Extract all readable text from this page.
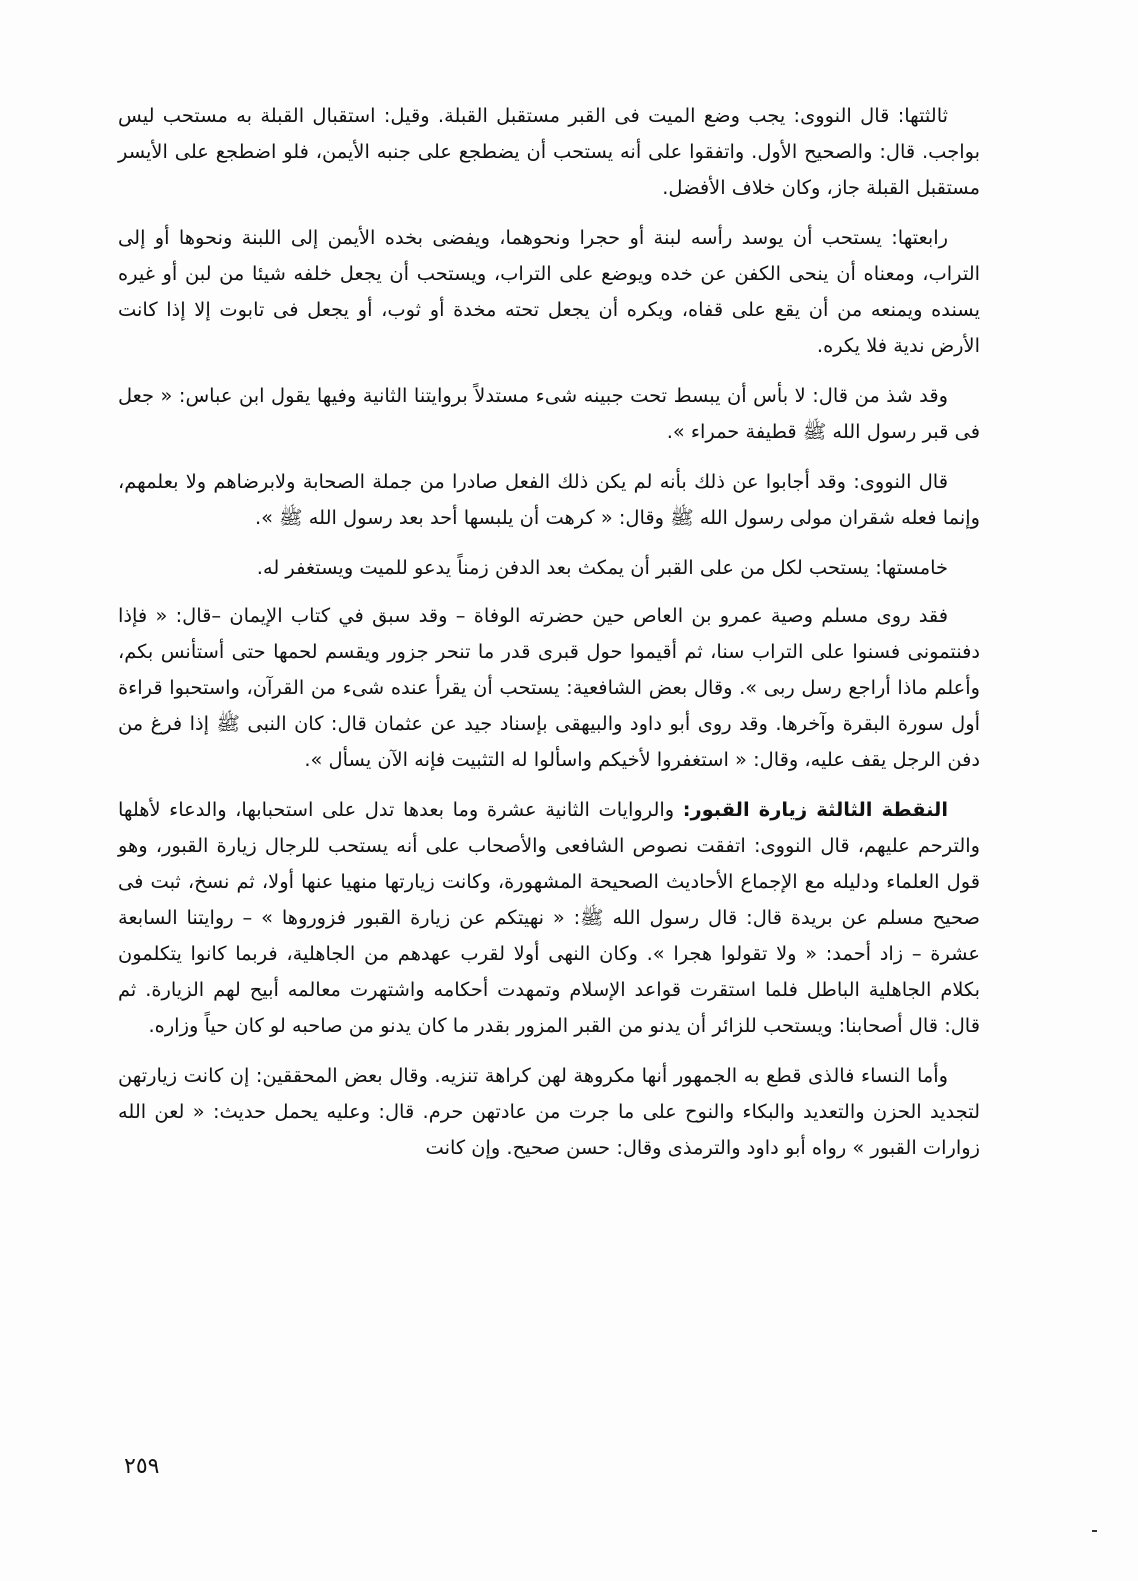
ثالثتها: قال النووى: يجب وضع الميت فى القبر مستقبل القبلة. وقيل: استقبال القبلة به مستحب ليس بواجب. قال: والصحيح الأول. واتفقوا على أنه يستحب أن يضطجع على جنبه الأيمن، فلو اضطجع على الأيسر مستقبل القبلة جاز، وكان خلاف الأفضل.

رابعتها: يستحب أن يوسد رأسه لبنة أو حجرا ونحوهما، ويفضى بخده الأيمن إلى اللبنة ونحوها أو إلى التراب، ومعناه أن ينحى الكفن عن خده ويوضع على التراب، ويستحب أن يجعل خلفه شيئا من لبن أو غيره يسنده ويمنعه من أن يقع على قفاه، ويكره أن يجعل تحته مخدة أو ثوب، أو يجعل فى تابوت إلا إذا كانت الأرض ندية فلا يكره.

وقد شذ من قال: لا بأس أن يبسط تحت جبينه شىء مستدلاً بروايتنا الثانية وفيها يقول ابن عباس: « جعل فى قبر رسول الله ﷺ قطيفة حمراء ».

قال النووى: وقد أجابوا عن ذلك بأنه لم يكن ذلك الفعل صادرا من جملة الصحابة ولابرضاهم ولا بعلمهم، وإنما فعله شقران مولى رسول الله ﷺ وقال: « كرهت أن يلبسها أحد بعد رسول الله ﷺ ».

خامستها: يستحب لكل من على القبر أن يمكث بعد الدفن زمناً يدعو للميت ويستغفر له.

فقد روى مسلم وصية عمرو بن العاص حين حضرته الوفاة – وقد سبق في كتاب الإيمان –قال: « فإذا دفنتمونى فسنوا على التراب سنا، ثم أقيموا حول قبرى قدر ما تنحر جزور ويقسم لحمها حتى أستأنس بكم، وأعلم ماذا أراجع رسل ربى ». وقال بعض الشافعية: يستحب أن يقرأ عنده شىء من القرآن، واستحبوا قراءة أول سورة البقرة وآخرها. وقد روى أبو داود والبيهقى بإسناد جيد عن عثمان قال: كان النبى ﷺ إذا فرغ من دفن الرجل يقف عليه، وقال: « استغفروا لأخيكم واسألوا له التثبيت فإنه الآن يسأل ».

النقطة الثالثة زيارة القبور: والروايات الثانية عشرة وما بعدها تدل على استحبابها، والدعاء لأهلها والترحم عليهم، قال النووى: اتفقت نصوص الشافعى والأصحاب على أنه يستحب للرجال زيارة القبور، وهو قول العلماء ودليله مع الإجماع الأحاديث الصحيحة المشهورة، وكانت زيارتها منهيا عنها أولا، ثم نسخ، ثبت فى صحيح مسلم عن بريدة قال: قال رسول الله ﷺ: « نهيتكم عن زيارة القبور فزوروها » – روايتنا السابعة عشرة – زاد أحمد: « ولا تقولوا هجرا ». وكان النهى أولا لقرب عهدهم من الجاهلية، فربما كانوا يتكلمون بكلام الجاهلية الباطل فلما استقرت قواعد الإسلام وتمهدت أحكامه واشتهرت معالمه أبيح لهم الزيارة. ثم قال: قال أصحابنا: ويستحب للزائر أن يدنو من القبر المزور بقدر ما كان يدنو من صاحبه لو كان حياً وزاره.

وأما النساء فالذى قطع به الجمهور أنها مكروهة لهن كراهة تنزيه. وقال بعض المحققين: إن كانت زيارتهن لتجديد الحزن والتعديد والبكاء والنوح على ما جرت من عادتهن حرم. قال: وعليه يحمل حديث: « لعن الله زوارات القبور » رواه أبو داود والترمذى وقال: حسن صحيح. وإن كانت

٢٥٩
